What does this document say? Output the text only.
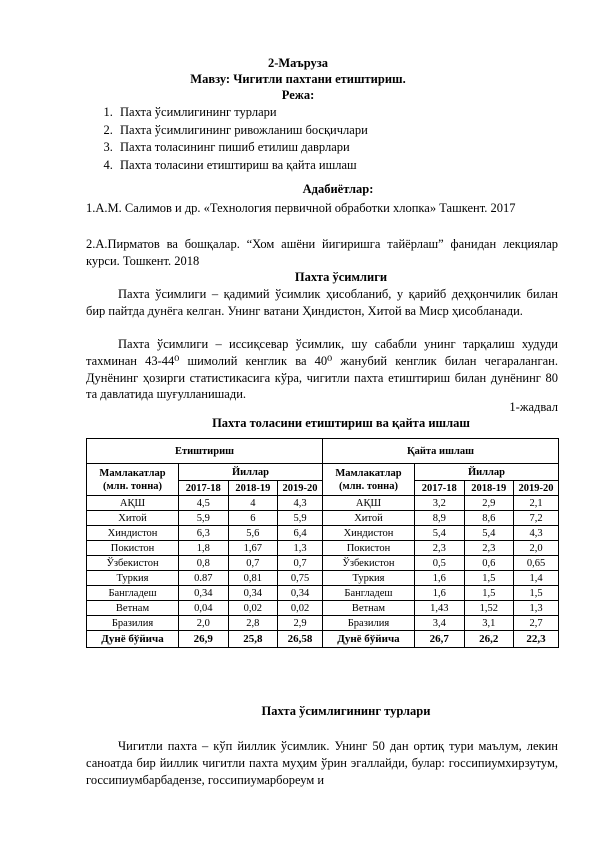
2-Маъруза
Мавзу: Чигитли пахтани етиштириш.
Режа:
1. Пахта ўсимлигининг турлари
2. Пахта ўсимлигининг ривожланиш босқичлари
3. Пахта толасининг пишиб етилиш даврлари
4. Пахта толасини етиштириш ва қайта ишлаш
Адабиётлар:
1.А.М. Салимов и др. «Технология первичной обработки хлопка» Ташкент. 2017
2.А.Пирматов ва бошқалар. “Хом ашёни йигиришга тайёрлаш” фанидан лекциялар курси. Тошкент. 2018
Пахта ўсимлиги
Пахта ўсимлиги – қадимий ўсимлик ҳисобланиб, у қарийб деҳқончилик билан бир пайтда дунёга келган. Унинг ватани Ҳиндистон, Хитой ва Миср ҳисобланади.
Пахта ўсимлиги – иссиқсевар ўсимлик, шу сабабли унинг тарқалиш худуди тахминан 43-44⁰ шимолий кенглик ва 40⁰ жанубий кенглик билан чегараланган. Дунёнинг ҳозирги статистикасига кўра, чигитли пахта етиштириш билан дунёнинг 80 та давлатида шуғулланишади.
1-жадвал
Пахта толасини етиштириш ва қайта ишлаш
Етиштириш				Қайта ишлаш			
Мамлакатлар (млн. тонна)	Йиллар			Мамлакатлар (млн. тонна)	Йиллар		
	2017-18	2018-19	2019-20		2017-18	2018-19	2019-20
АҚШ	4,5	4	4,3	АҚШ	3,2	2,9	2,1
Хитой	5,9	6	5,9	Хитой	8,9	8,6	7,2
Хиндистон	6,3	5,6	6,4	Хиндистон	5,4	5,4	4,3
Покистон	1,8	1,67	1,3	Покистон	2,3	2,3	2,0
Ўзбекистон	0,8	0,7	0,7	Ўзбекистон	0,5	0,6	0,65
Туркия	0.87	0,81	0,75	Туркия	1,6	1,5	1,4
Бангладеш	0,34	0,34	0,34	Бангладеш	1,6	1,5	1,5
Ветнам	0,04	0,02	0,02	Ветнам	1,43	1,52	1,3
Бразилия	2,0	2,8	2,9	Бразилия	3,4	3,1	2,7
Дунё бўйича	26,9	25,8	26,58	Дунё бўйича	26,7	26,2	22,3
Пахта ўсимлигининг турлари
Чигитли пахта – кўп йиллик ўсимлик. Унинг 50 дан ортиқ тури маълум, лекин саноатда бир йиллик чигитли пахта муҳим ўрин эгаллайди, булар: госсипиумхирзутум, госсипиумбарбадензе, госсипиумарбореум и
